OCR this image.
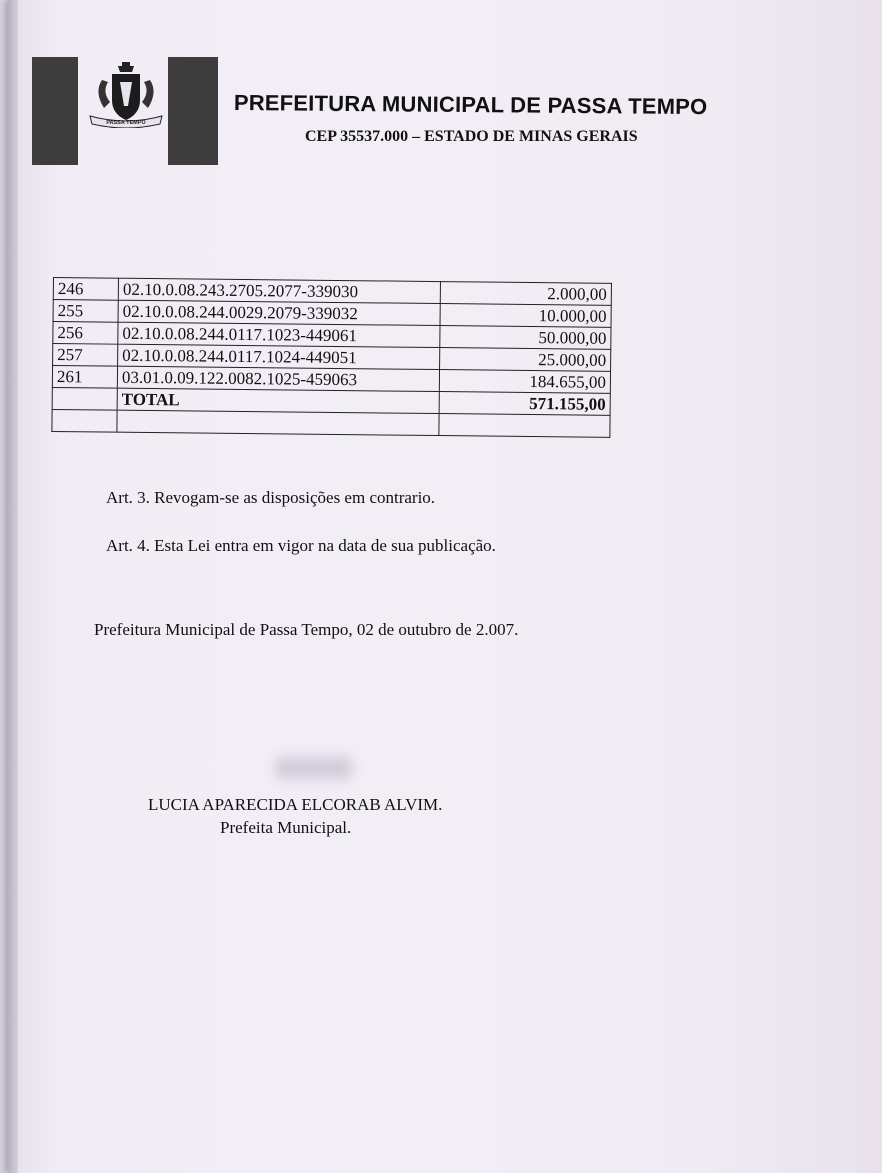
PASSA TEMPO
PREFEITURA MUNICIPAL DE PASSA TEMPO
CEP 35537.000 – ESTADO DE MINAS GERAIS
246	02.10.0.08.243.2705.2077-339030	2.000,00
255	02.10.0.08.244.0029.2079-339032	10.000,00
256	02.10.0.08.244.0117.1023-449061	50.000,00
257	02.10.0.08.244.0117.1024-449051	25.000,00
261	03.01.0.09.122.0082.1025-459063	184.655,00
	TOTAL	571.155,00

Art. 3. Revogam-se as disposições em contrario.
Art. 4. Esta Lei entra em vigor na data de sua publicação.
Prefeitura Municipal de Passa Tempo, 02 de outubro de 2.007.
LUCIA APARECIDA ELCORAB ALVIM.
Prefeita Municipal.
